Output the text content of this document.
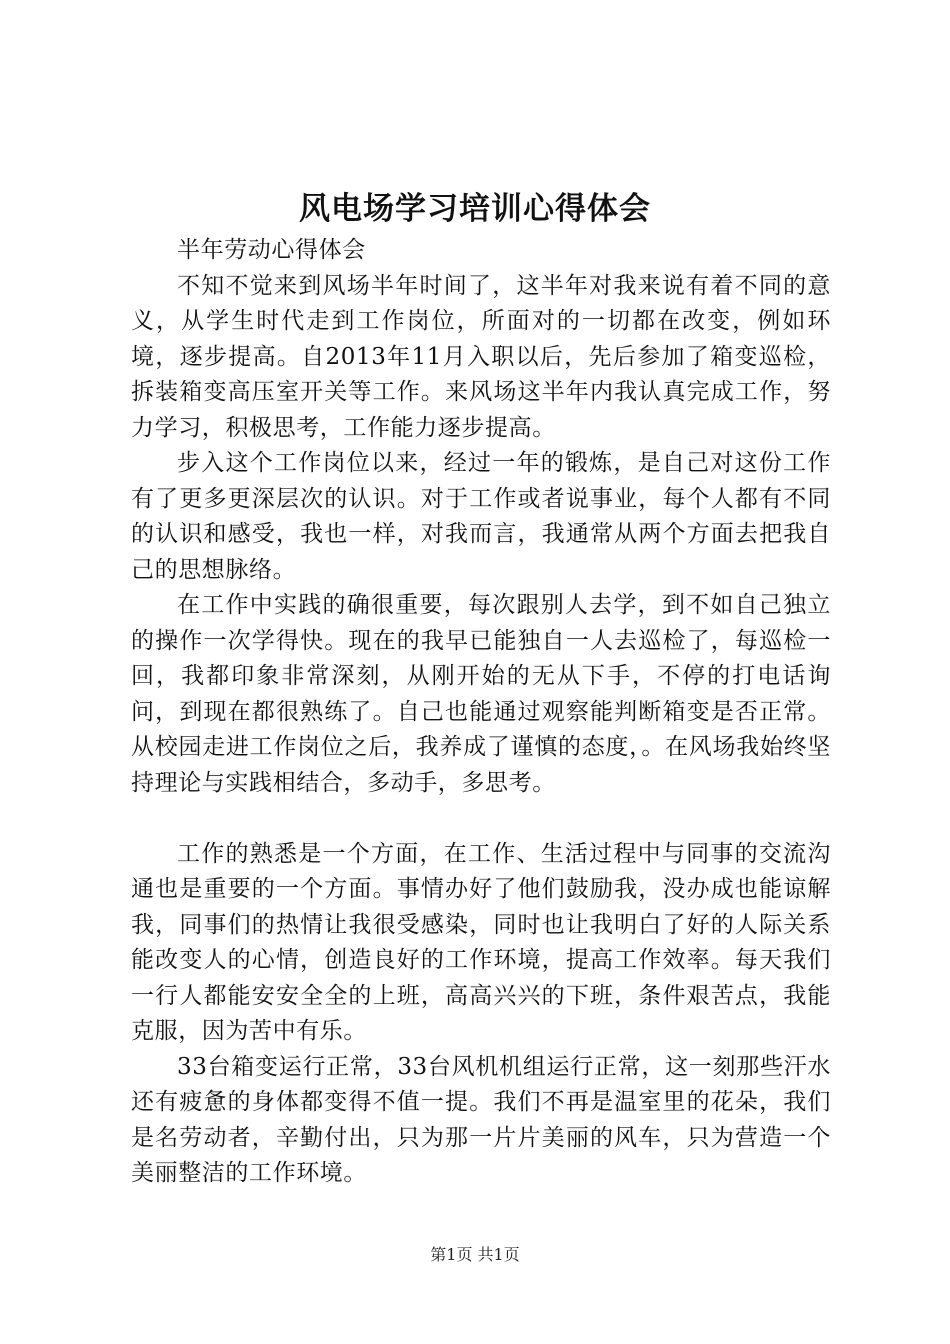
风电场学习培训心得体会

半年劳动心得体会

不知不觉来到风场半年时间了，这半年对我来说有着不同的意义，从学生时代走到工作岗位，所面对的一切都在改变，例如环境，逐步提高。自2013年11月入职以后，先后参加了箱变巡检，拆装箱变高压室开关等工作。来风场这半年内我认真完成工作，努力学习，积极思考，工作能力逐步提高。

步入这个工作岗位以来，经过一年的锻炼，是自己对这份工作有了更多更深层次的认识。对于工作或者说事业，每个人都有不同的认识和感受，我也一样，对我而言，我通常从两个方面去把我自己的思想脉络。

在工作中实践的确很重要，每次跟别人去学，到不如自己独立的操作一次学得快。现在的我早已能独自一人去巡检了，每巡检一回，我都印象非常深刻，从刚开始的无从下手，不停的打电话询问，到现在都很熟练了。自己也能通过观察能判断箱变是否正常。从校园走进工作岗位之后，我养成了谨慎的态度，。在风场我始终坚持理论与实践相结合，多动手，多思考。

工作的熟悉是一个方面，在工作、生活过程中与同事的交流沟通也是重要的一个方面。事情办好了他们鼓励我，没办成也能谅解我，同事们的热情让我很受感染，同时也让我明白了好的人际关系能改变人的心情，创造良好的工作环境，提高工作效率。每天我们一行人都能安安全全的上班，高高兴兴的下班，条件艰苦点，我能克服，因为苦中有乐。

33台箱变运行正常，33台风机机组运行正常，这一刻那些汗水还有疲惫的身体都变得不值一提。我们不再是温室里的花朵，我们是名劳动者，辛勤付出，只为那一片片美丽的风车，只为营造一个美丽整洁的工作环境。

第1页 共1页
